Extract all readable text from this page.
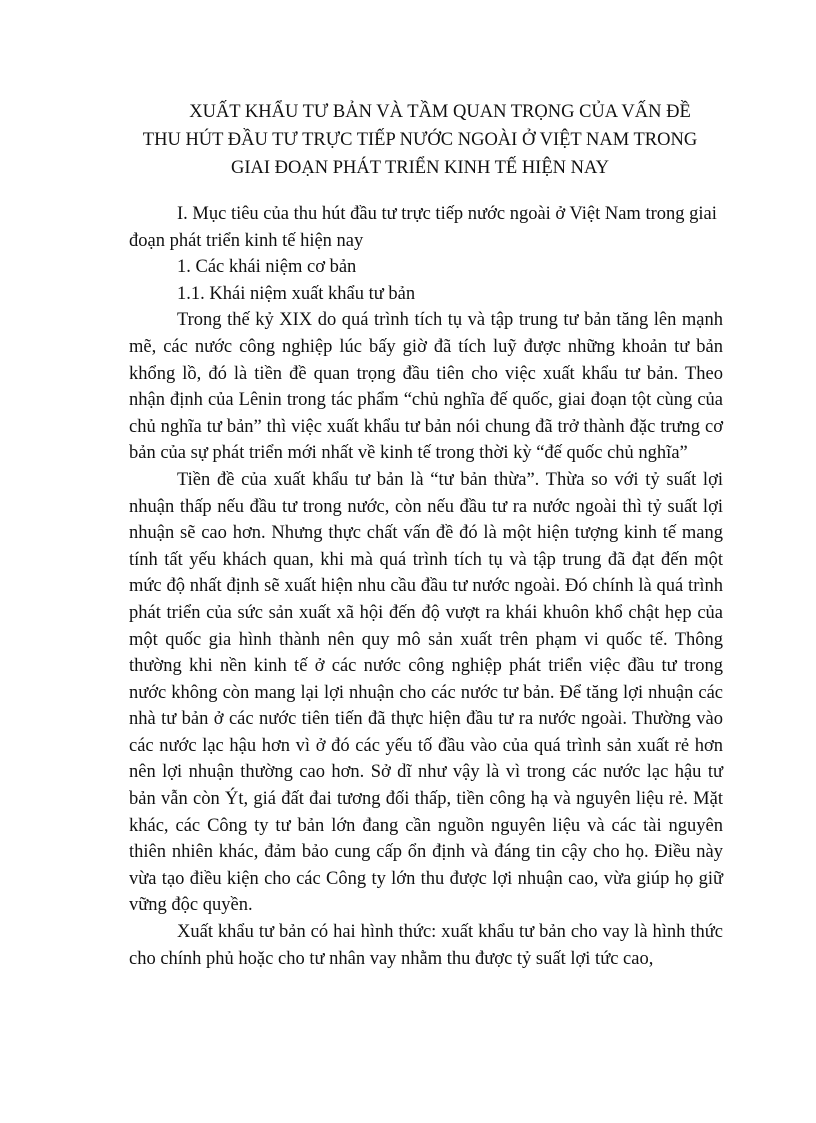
XUẤT KHẨU TƯ BẢN VÀ TẦM QUAN TRỌNG CỦA VẤN ĐỀ
THU HÚT ĐẦU TƯ TRỰC TIẾP NƯỚC NGOÀI Ở VIỆT NAM TRONG
GIAI ĐOẠN PHÁT TRIỂN KINH TẾ HIỆN NAY

I. Mục tiêu của thu hút đầu tư trực tiếp nước ngoài ở Việt Nam trong giai đoạn phát triển kinh tế hiện nay

1. Các khái niệm cơ bản

1.1. Khái niệm xuất khẩu tư bản

Trong thế kỷ XIX do quá trình tích tụ và tập trung tư bản tăng lên mạnh mẽ, các nước công nghiệp lúc bấy giờ đã tích luỹ được những khoản tư bản khổng lồ, đó là tiền đề quan trọng đầu tiên cho việc xuất khẩu tư bản. Theo nhận định của Lênin trong tác phẩm “chủ nghĩa đế quốc, giai đoạn tột cùng của chủ nghĩa tư bản” thì việc xuất khẩu tư bản nói chung đã trở thành đặc trưng cơ bản của sự phát triển mới nhất về kinh tế trong thời kỳ “đế quốc chủ nghĩa”

Tiền đề của xuất khẩu tư bản là “tư bản thừa”. Thừa so với tỷ suất lợi nhuận thấp nếu đầu tư trong nước, còn nếu đầu tư ra nước ngoài thì tỷ suất lợi nhuận sẽ cao hơn. Nhưng thực chất vấn đề đó là một hiện tượng kinh tế mang tính tất yếu khách quan, khi mà quá trình tích tụ và tập trung đã đạt đến một mức độ nhất định sẽ xuất hiện nhu cầu đầu tư nước ngoài. Đó chính là quá trình phát triển của sức sản xuất xã hội đến độ vượt ra khái khuôn khổ chật hẹp của một quốc gia hình thành nên quy mô sản xuất trên phạm vi quốc tế. Thông thường khi nền kinh tế ở các nước công nghiệp phát triển việc đầu tư trong nước không còn mang lại lợi nhuận cho các nước tư bản. Để tăng lợi nhuận các nhà tư bản ở các nước tiên tiến đã thực hiện đầu tư ra nước ngoài. Thường vào các nước lạc hậu hơn vì ở đó các yếu tố đầu vào của quá trình sản xuất rẻ hơn nên lợi nhuận thường cao hơn. Sở dĩ như vậy là vì trong các nước lạc hậu tư bản vẫn còn Ýt, giá đất đai tương đối thấp, tiền công hạ và nguyên liệu rẻ. Mặt khác, các Công ty tư bản lớn đang cần nguồn nguyên liệu và các tài nguyên thiên nhiên khác, đảm bảo cung cấp ổn định và đáng tin cậy cho họ. Điều này vừa tạo điều kiện cho các Công ty lớn thu được lợi nhuận cao, vừa giúp họ giữ vững độc quyền.

Xuất khẩu tư bản có hai hình thức: xuất khẩu tư bản cho vay là hình thức cho chính phủ hoặc cho tư nhân vay nhằm thu được tỷ suất lợi tức cao,
